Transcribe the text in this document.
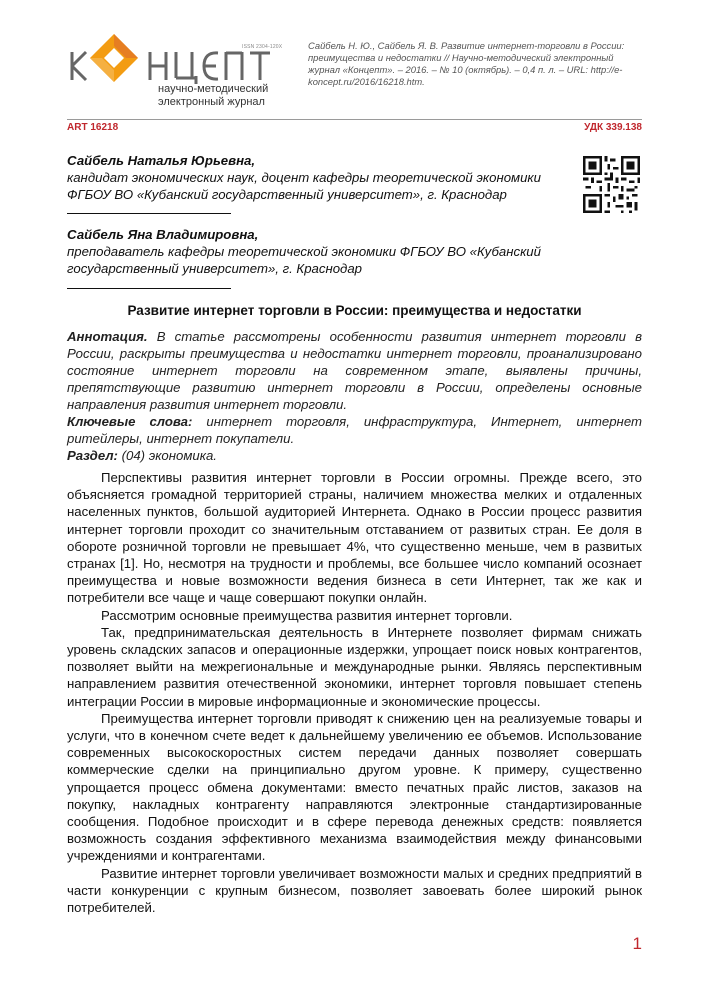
ISSN 2304-120X
научно-методический
электронный журнал
Сайбель Н. Ю., Сайбель Я. В. Развитие интернет-торговли в России: преимущества и недостатки // Научно-методический электронный журнал «Концепт». – 2016. – № 10 (октябрь). – 0,4 п. л. – URL: http://e-koncept.ru/2016/16218.htm.
ART 16218	УДК 339.138
Сайбель Наталья Юрьевна,
кандидат экономических наук, доцент кафедры теоретической экономики ФГБОУ ВО «Кубанский государственный университет», г. Краснодар
Сайбель Яна Владимировна,
преподаватель кафедры теоретической экономики ФГБОУ ВО «Кубанский государственный университет», г. Краснодар
Развитие интернет торговли в России: преимущества и недостатки

Аннотация. В статье рассмотрены особенности развития интернет торговли в России, раскрыты преимущества и недостатки интернет торговли, проанализировано состояние интернет торговли на современном этапе, выявлены причины, препятствующие развитию интернет торговли в России, определены основные направления развития интернет торговли.

Ключевые слова: интернет торговля, инфраструктура, Интернет, интернет ритейлеры, интернет покупатели.

Раздел: (04) экономика.

Перспективы развития интернет торговли в России огромны. Прежде всего, это объясняется громадной территорией страны, наличием множества мелких и отдаленных населенных пунктов, большой аудиторией Интернета. Однако в России процесс развития интернет торговли проходит со значительным отставанием от развитых стран. Ее доля в обороте розничной торговли не превышает 4%, что существенно меньше, чем в развитых странах [1]. Но, несмотря на трудности и проблемы, все большее число компаний осознает преимущества и новые возможности ведения бизнеса в сети Интернет, так же как и потребители все чаще и чаще совершают покупки онлайн.

Рассмотрим основные преимущества развития интернет торговли.

Так, предпринимательская деятельность в Интернете позволяет фирмам снижать уровень складских запасов и операционные издержки, упрощает поиск новых контрагентов, позволяет выйти на межрегиональные и международные рынки. Являясь перспективным направлением развития отечественной экономики, интернет торговля повышает степень интеграции России в мировые информационные и экономические процессы.

Преимущества интернет торговли приводят к снижению цен на реализуемые товары и услуги, что в конечном счете ведет к дальнейшему увеличению ее объемов. Использование современных высокоскоростных систем передачи данных позволяет совершать коммерческие сделки на принципиально другом уровне. К примеру, существенно упрощается процесс обмена документами: вместо печатных прайс листов, заказов на покупку, накладных контрагенту направляются электронные стандартизированные сообщения. Подобное происходит и в сфере перевода денежных средств: появляется возможность создания эффективного механизма взаимодействия между финансовыми учреждениями и контрагентами.

Развитие интернет торговли увеличивает возможности малых и средних предприятий в части конкуренции с крупным бизнесом, позволяет завоевать более широкий рынок потребителей.

1
